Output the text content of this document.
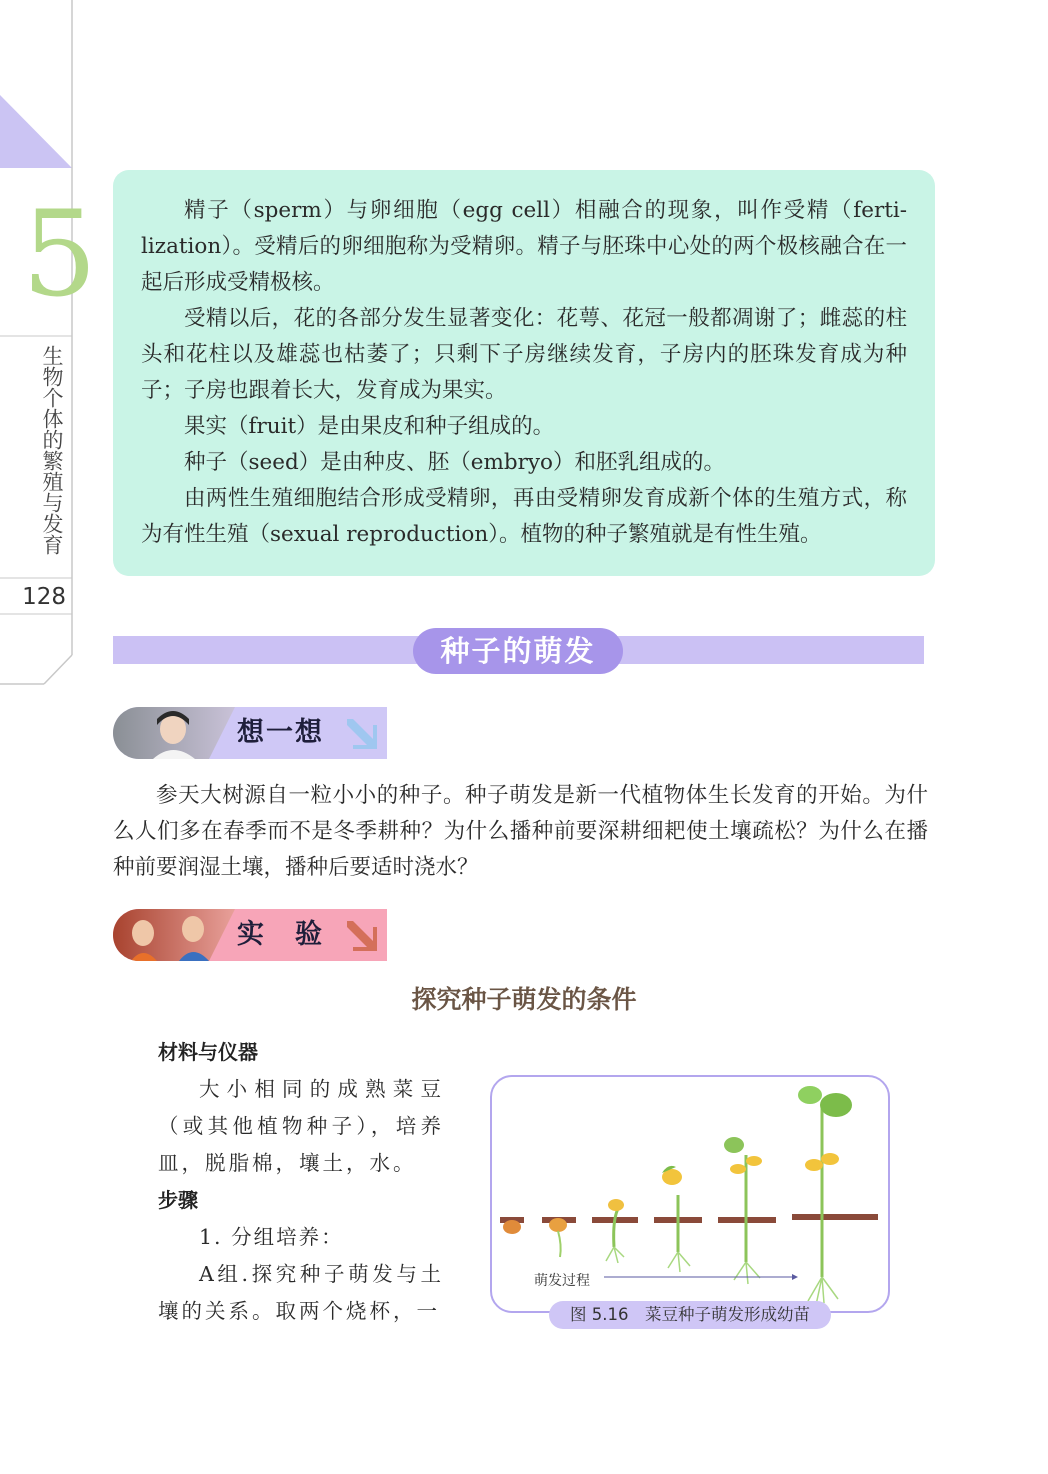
5
生物个体的繁殖与发育
128

精子（sperm）与卵细胞（egg cell）相融合的现象，叫作受精（ferti-lization）。受精后的卵细胞称为受精卵。精子与胚珠中心处的两个极核融合在一起后形成受精极核。

受精以后，花的各部分发生显著变化：花萼、花冠一般都凋谢了；雌蕊的柱头和花柱以及雄蕊也枯萎了；只剩下子房继续发育，子房内的胚珠发育成为种子；子房也跟着长大，发育成为果实。

果实（fruit）是由果皮和种子组成的。

种子（seed）是由种皮、胚（embryo）和胚乳组成的。

由两性生殖细胞结合形成受精卵，再由受精卵发育成新个体的生殖方式，称为有性生殖（sexual reproduction）。植物的种子繁殖就是有性生殖。

种子的萌发
想一想

参天大树源自一粒小小的种子。种子萌发是新一代植物体生长发育的开始。为什么人们多在春季而不是冬季耕种？为什么播种前要深耕细耙使土壤疏松？为什么在播种前要润湿土壤，播种后要适时浇水？

实　验
探究种子萌发的条件
材料与仪器
大小相同的成熟菜豆（或其他植物种子），培养皿，脱脂棉，壤土，水。
步骤
1. 分组培养：
A组.探究种子萌发与土壤的关系。取两个烧杯，一
萌发过程
图 5.16　菜豆种子萌发形成幼苗
